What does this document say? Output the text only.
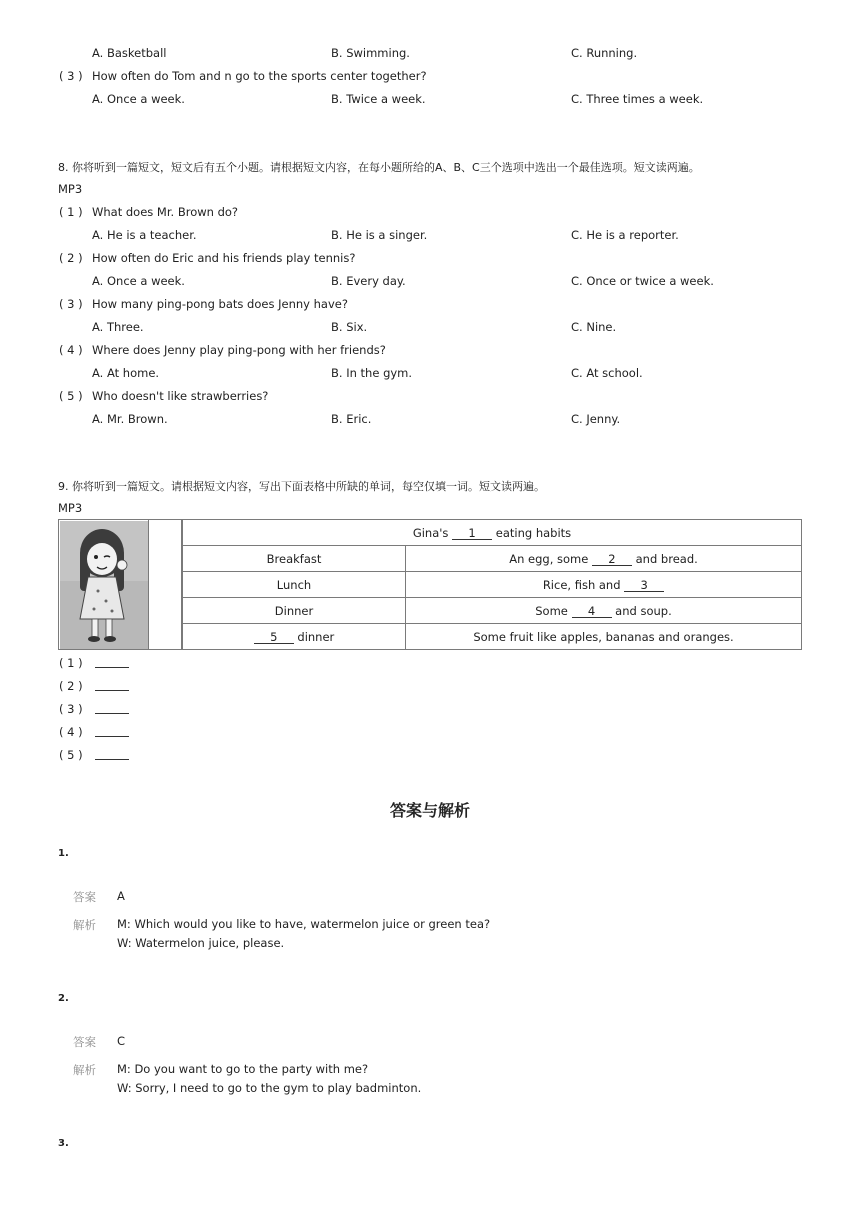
A. Basketball	B. Swimming.	C. Running.
( 3 ) How often do Tom and n go to the sports center together?
A. Once a week.	B. Twice a week.	C. Three times a week.
8. 你将听到一篇短文，短文后有五个小题。请根据短文内容，在每小题所给的A、B、C三个选项中选出一个最佳选项。短文读两遍。
MP3
( 1 ) What does Mr. Brown do?
A. He is a teacher.	B. He is a singer.	C. He is a reporter.
( 2 ) How often do Eric and his friends play tennis?
A. Once a week.	B. Every day.	C. Once or twice a week.
( 3 ) How many ping-pong bats does Jenny have?
A. Three.	B. Six.	C. Nine.
( 4 ) Where does Jenny play ping-pong with her friends?
A. At home.	B. In the gym.	C. At school.
( 5 ) Who doesn't like strawberries?
A. Mr. Brown.	B. Eric.	C. Jenny.
9. 你将听到一篇短文。请根据短文内容，写出下面表格中所缺的单词，每空仅填一词。短文读两遍。
MP3
Gina's 1 eating habits	
Breakfast	An egg, some 2 and bread.
Lunch	Rice, fish and 3
Dinner	Some 4 and soup.
5 dinner	Some fruit like apples, bananas and oranges.
( 1 )
( 2 )
( 3 )
( 4 )
( 5 )
答案与解析
1.
答案 A
解析 M: Which would you like to have, watermelon juice or green tea?
W: Watermelon juice, please.
2.
答案 C
解析 M: Do you want to go to the party with me?
W: Sorry, I need to go to the gym to play badminton.
3.
